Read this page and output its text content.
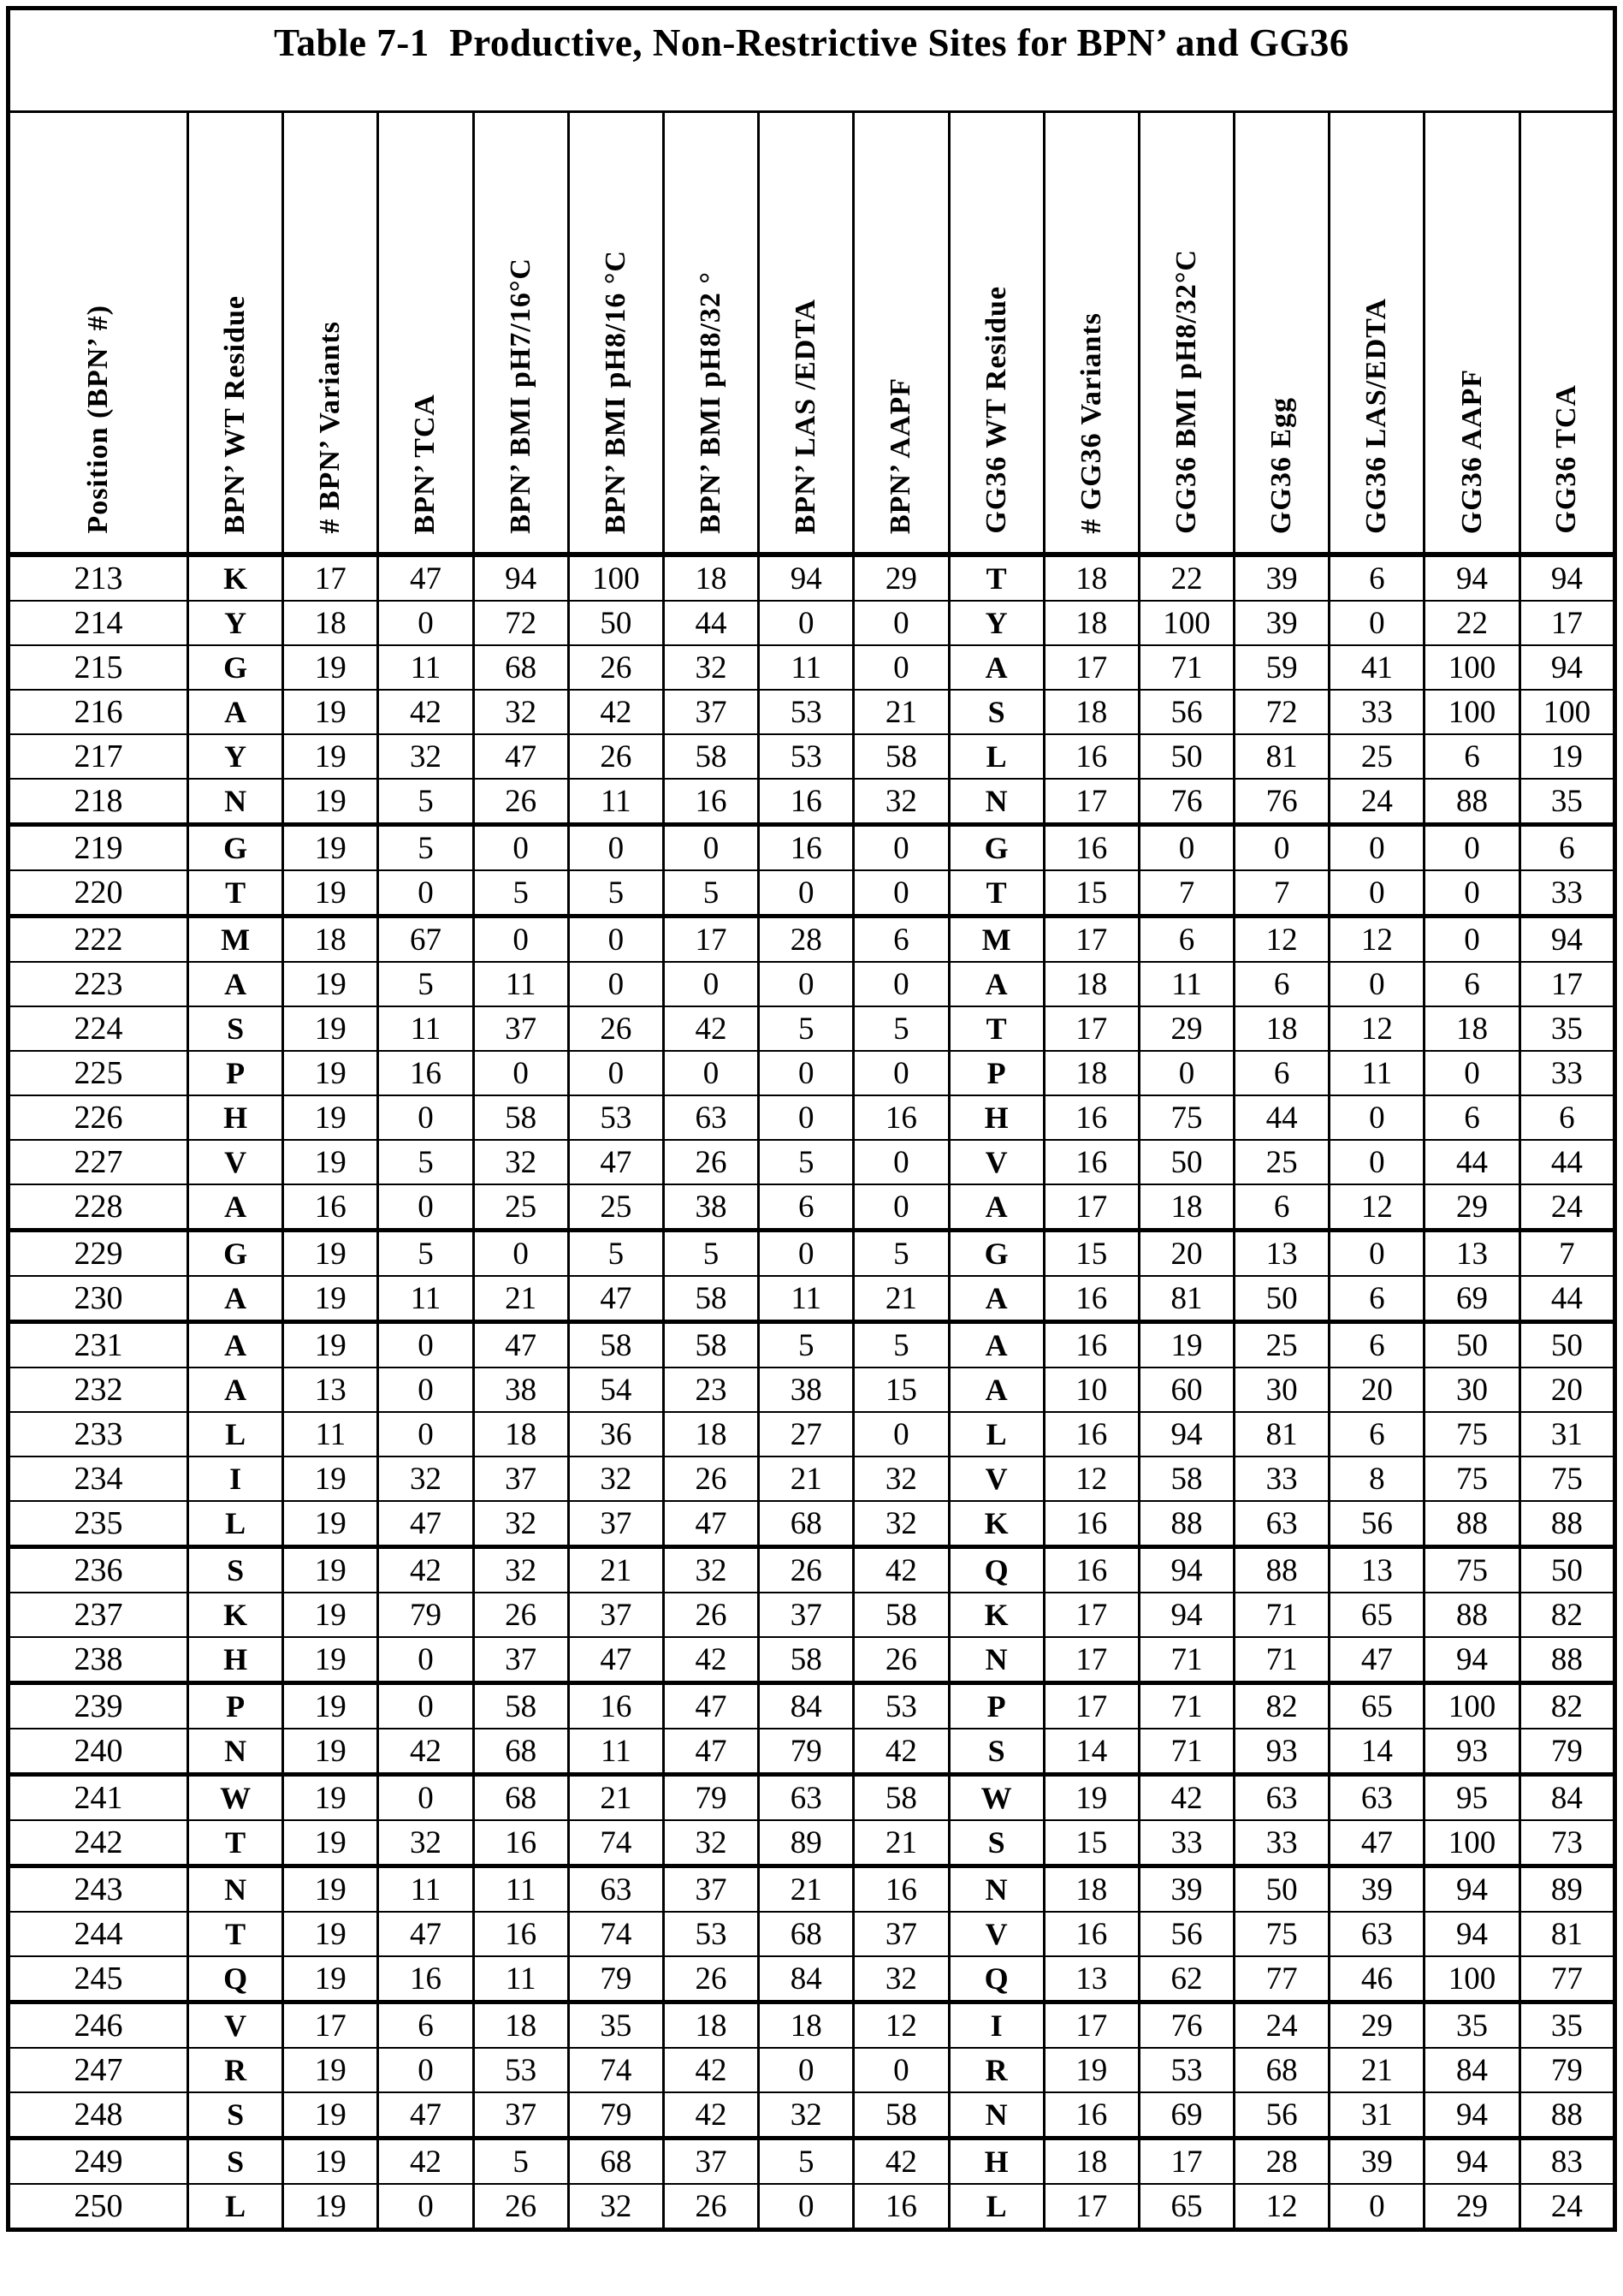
Table 7-1  Productive, Non-Restrictive Sites for BPN’ and GG36															
Position (BPN’ #)	BPN’ WT Residue	# BPN’ Variants	BPN’ TCA	BPN’ BMI pH7/16°C	BPN’ BMI pH8/16 °C	BPN’ BMI pH8/32 °	BPN’ LAS /EDTA	BPN’ AAPF	GG36 WT Residue	# GG36 Variants	GG36 BMI pH8/32°C	GG36 Egg	GG36 LAS/EDTA	GG36 AAPF	GG36 TCA
213	K	17	47	94	100	18	94	29	T	18	22	39	6	94	94
214	Y	18	0	72	50	44	0	0	Y	18	100	39	0	22	17
215	G	19	11	68	26	32	11	0	A	17	71	59	41	100	94
216	A	19	42	32	42	37	53	21	S	18	56	72	33	100	100
217	Y	19	32	47	26	58	53	58	L	16	50	81	25	6	19
218	N	19	5	26	11	16	16	32	N	17	76	76	24	88	35
219	G	19	5	0	0	0	16	0	G	16	0	0	0	0	6
220	T	19	0	5	5	5	0	0	T	15	7	7	0	0	33
222	M	18	67	0	0	17	28	6	M	17	6	12	12	0	94
223	A	19	5	11	0	0	0	0	A	18	11	6	0	6	17
224	S	19	11	37	26	42	5	5	T	17	29	18	12	18	35
225	P	19	16	0	0	0	0	0	P	18	0	6	11	0	33
226	H	19	0	58	53	63	0	16	H	16	75	44	0	6	6
227	V	19	5	32	47	26	5	0	V	16	50	25	0	44	44
228	A	16	0	25	25	38	6	0	A	17	18	6	12	29	24
229	G	19	5	0	5	5	0	5	G	15	20	13	0	13	7
230	A	19	11	21	47	58	11	21	A	16	81	50	6	69	44
231	A	19	0	47	58	58	5	5	A	16	19	25	6	50	50
232	A	13	0	38	54	23	38	15	A	10	60	30	20	30	20
233	L	11	0	18	36	18	27	0	L	16	94	81	6	75	31
234	I	19	32	37	32	26	21	32	V	12	58	33	8	75	75
235	L	19	47	32	37	47	68	32	K	16	88	63	56	88	88
236	S	19	42	32	21	32	26	42	Q	16	94	88	13	75	50
237	K	19	79	26	37	26	37	58	K	17	94	71	65	88	82
238	H	19	0	37	47	42	58	26	N	17	71	71	47	94	88
239	P	19	0	58	16	47	84	53	P	17	71	82	65	100	82
240	N	19	42	68	11	47	79	42	S	14	71	93	14	93	79
241	W	19	0	68	21	79	63	58	W	19	42	63	63	95	84
242	T	19	32	16	74	32	89	21	S	15	33	33	47	100	73
243	N	19	11	11	63	37	21	16	N	18	39	50	39	94	89
244	T	19	47	16	74	53	68	37	V	16	56	75	63	94	81
245	Q	19	16	11	79	26	84	32	Q	13	62	77	46	100	77
246	V	17	6	18	35	18	18	12	I	17	76	24	29	35	35
247	R	19	0	53	74	42	0	0	R	19	53	68	21	84	79
248	S	19	47	37	79	42	32	58	N	16	69	56	31	94	88
249	S	19	42	5	68	37	5	42	H	18	17	28	39	94	83
250	L	19	0	26	32	26	0	16	L	17	65	12	0	29	24
